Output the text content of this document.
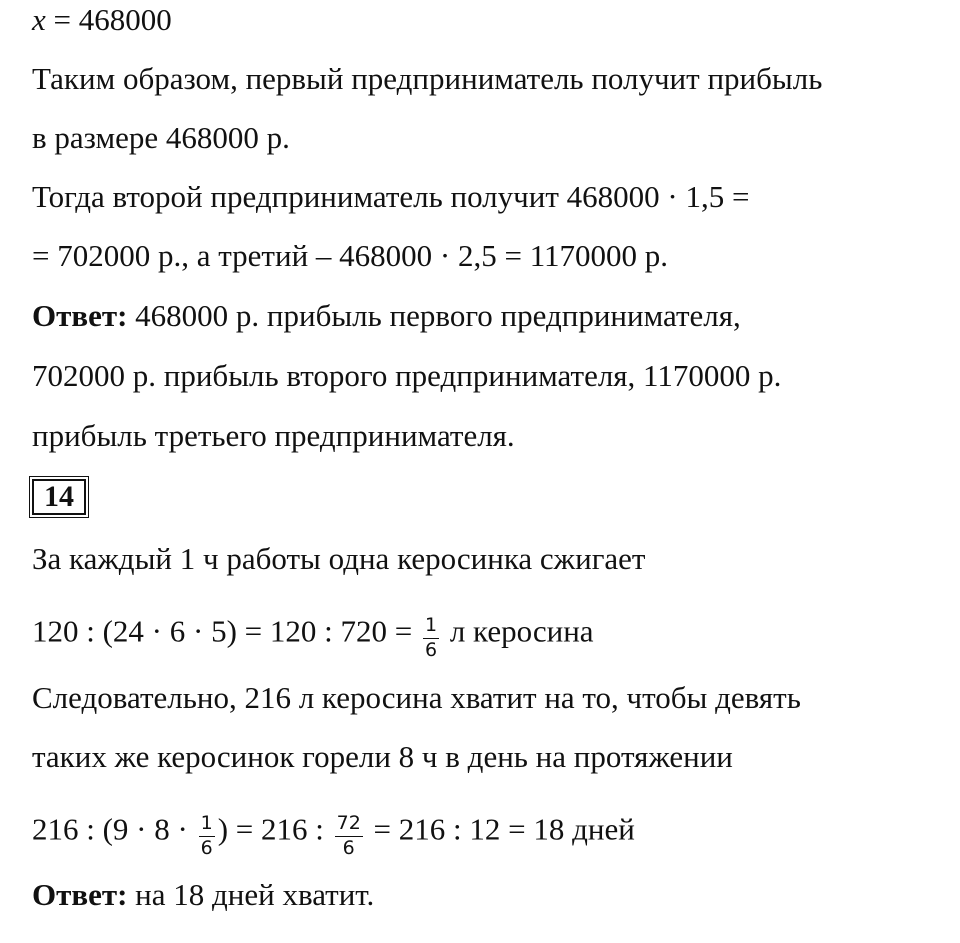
x = 468000
Таким образом, первый предприниматель получит прибыль
в размере 468000 р.
Тогда второй предприниматель получит 468000 · 1,5 =
= 702000 р., а третий – 468000 · 2,5 = 1170000 р.
Ответ: 468000 р. прибыль первого предпринимателя,
702000 р. прибыль второго предпринимателя, 1170000 р.
прибыль третьего предпринимателя.
14
За каждый 1 ч работы одна керосинка сжигает
120 : (24 · 6 · 5) = 120 : $720 = \frac{1}{6}$ л керосина
Следовательно, 216 л керосина хватит на то, чтобы девять
таких же керосинок горели 8 ч в день на протяжении
216 : ($9 \cdot 8 \cdot \frac{1}{6}$ ) = 216 : $\frac{72}{6} = 216$ : 12 = 18 дней
Ответ: на 18 дней хватит.
